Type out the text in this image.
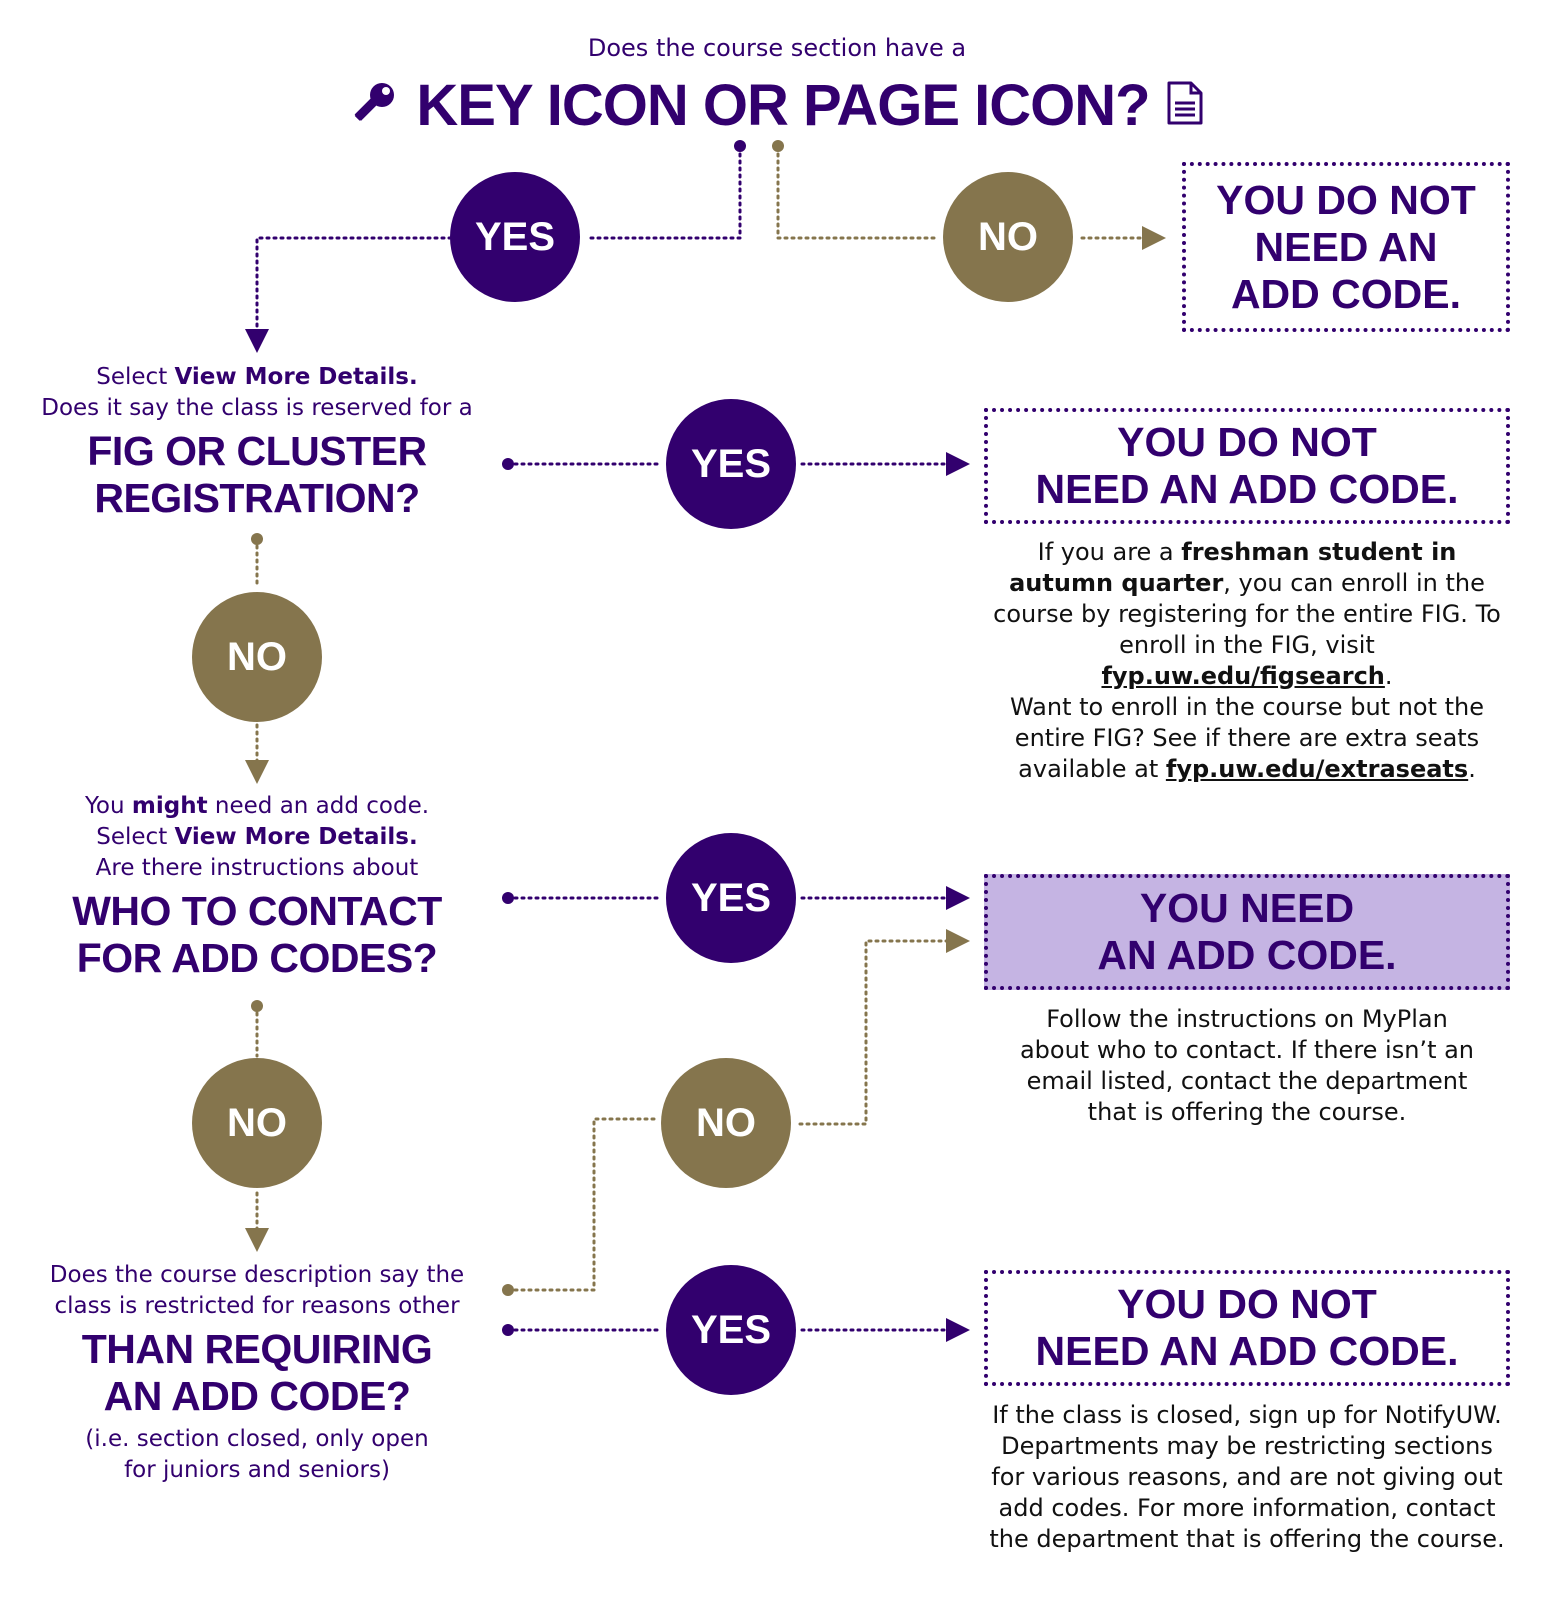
Does the course section have a
KEY ICON OR PAGE ICON?
YES	NO
YES
NO
YES
NO	NO
YES
Select View More Details.
Does it say the class is reserved for a
FIG OR CLUSTER
REGISTRATION?
You might need an add code.
Select View More Details.
Are there instructions about
WHO TO CONTACT
FOR ADD CODES?
Does the course description say the
class is restricted for reasons other
THAN REQUIRING
AN ADD CODE?
(i.e. section closed, only open
for juniors and seniors)
YOU DO NOT
NEED AN
ADD CODE.
YOU DO NOT
NEED AN ADD CODE.
YOU NEED
AN ADD CODE.
YOU DO NOT
NEED AN ADD CODE.
If you are a freshman student in autumn quarter, you can enroll in the course by registering for the entire FIG. To enroll in the FIG, visit fyp.uw.edu/figsearch.
Want to enroll in the course but not the entire FIG? See if there are extra seats available at fyp.uw.edu/extraseats.
Follow the instructions on MyPlan about who to contact. If there isn’t an email listed, contact the department that is offering the course.
If the class is closed, sign up for NotifyUW. Departments may be restricting sections for various reasons, and are not giving out add codes. For more information, contact the department that is offering the course.
